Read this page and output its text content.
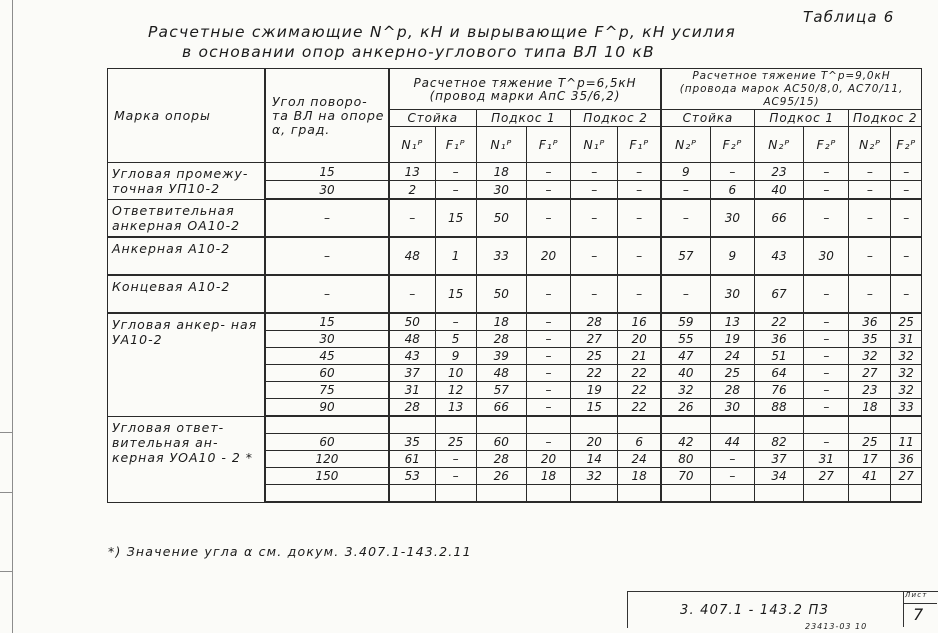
Расчетные сжимающие N^p, кН и вырывающие F^p, кН усилия
в основании опор анкерно-углового типа ВЛ 10 кВ
Таблица 6
Марка опоры	Угол поворо- та ВЛ на опоре α, град.	Расчетное тяжение T^p=6,5кН (провод марки АпС 35/6,2)						Расчетное тяжение T^p=9,0кН (провода марок АС50/8,0, АС70/11, АС95/15)					
		Стойка		Подкос 1		Подкос 2		Стойка		Подкос 1		Подкос 2	
		N₁ᴾ	F₁ᴾ	N₁ᴾ	F₁ᴾ	N₁ᴾ	F₁ᴾ	N₂ᴾ	F₂ᴾ	N₂ᴾ	F₂ᴾ	N₂ᴾ	F₂ᴾ
Угловая промежу- точная УП10-2	15	13	–	18	–	–	–	9	–	23	–	–	–
	30	2	–	30	–	–	–	–	6	40	–	–	–
Ответвительная анкерная ОА10-2	–	–	15	50	–	–	–	–	30	66	–	–	–
Анкерная А10-2	–	48	1	33	20	–	–	57	9	43	30	–	–
Концевая А10-2	–	–	15	50	–	–	–	–	30	67	–	–	–
Угловая анкер- ная УА10-2	15	50	–	18	–	28	16	59	13	22	–	36	25
	30	48	5	28	–	27	20	55	19	36	–	35	31
	45	43	9	39	–	25	21	47	24	51	–	32	32
	60	37	10	48	–	22	22	40	25	64	–	27	32
	75	31	12	57	–	19	22	32	28	76	–	23	32
	90	28	13	66	–	15	22	26	30	88	–	18	33
Угловая ответ- вительная ан- керная УОА10 - 2 *													
	60	35	25	60	–	20	6	42	44	82	–	25	11
	120	61	–	28	20	14	24	80	–	37	31	17	36
	150	53	–	26	18	32	18	70	–	34	27	41	27

*) Значение угла α см. докум. 3.407.1-143.2.11
3. 407.1 - 143.2 ПЗ
Лист
7
23413-03 10
